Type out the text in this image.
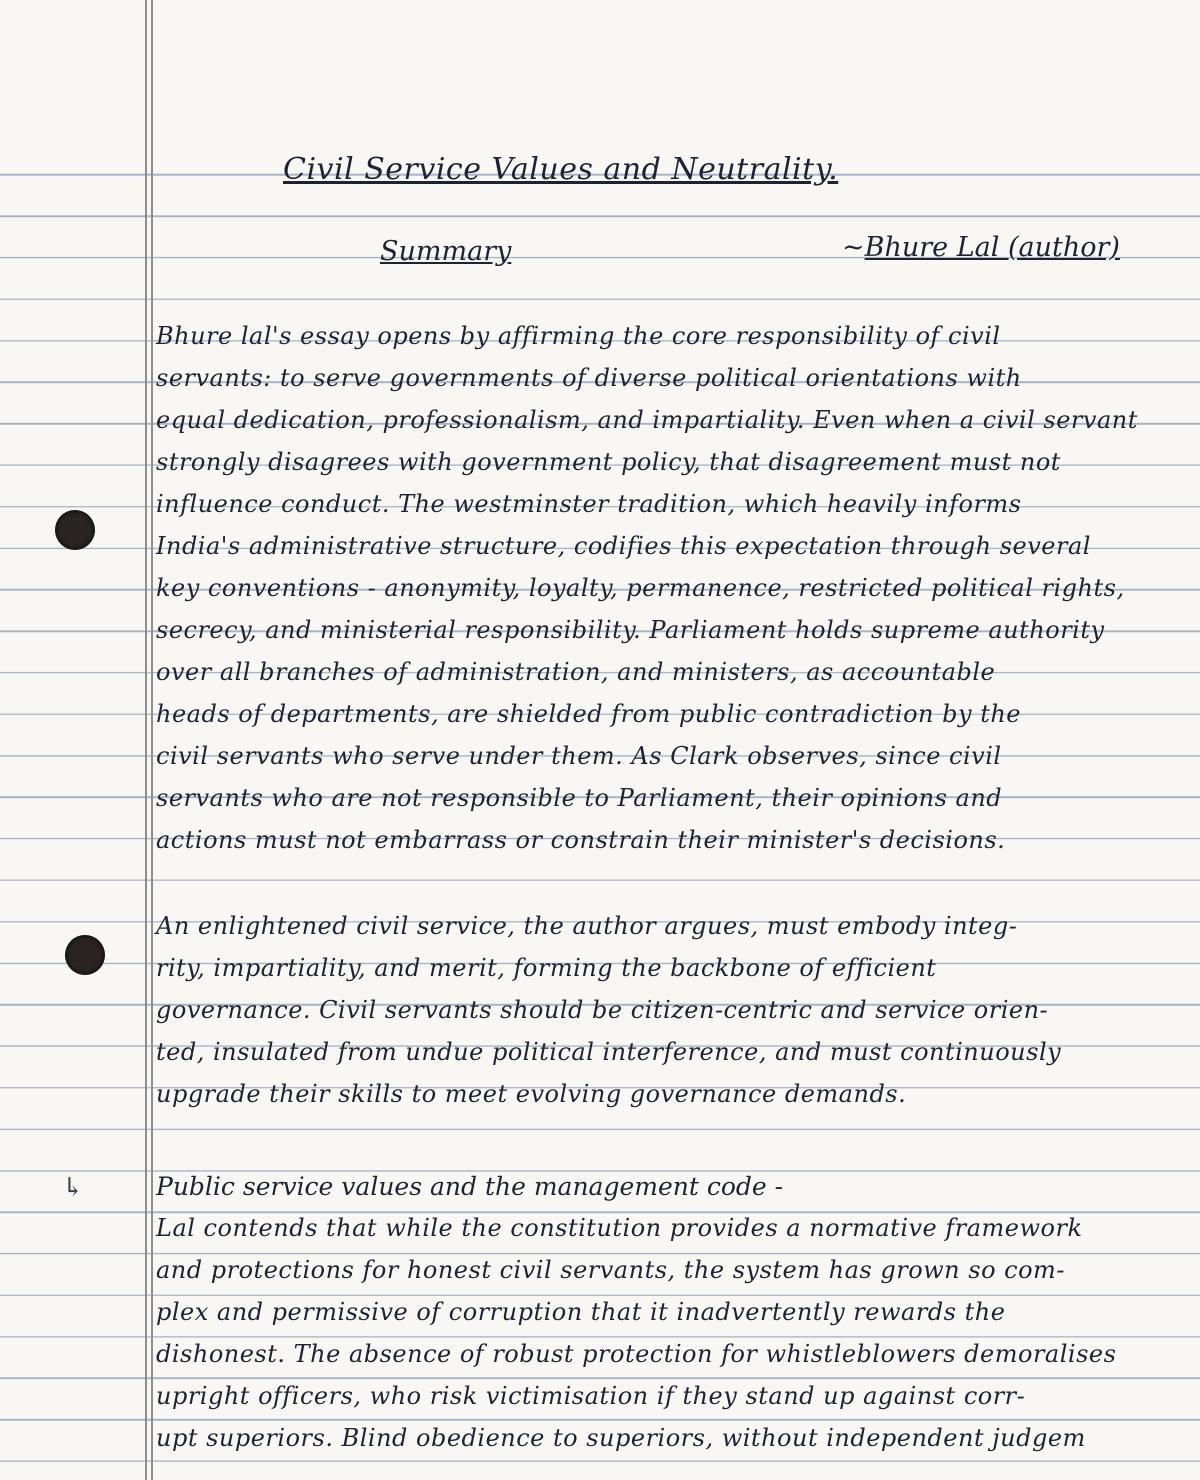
Civil Service Values and Neutrality.
Summary	~Bhure Lal (author)
Bhure lal's essay opens by affirming the core responsibility of civil
servants: to serve governments of diverse political orientations with
equal dedication, professionalism, and impartiality. Even when a civil servant
strongly disagrees with government policy, that disagreement must not
influence conduct. The westminster tradition, which heavily informs
India's administrative structure, codifies this expectation through several
key conventions - anonymity, loyalty, permanence, restricted political rights,
secrecy, and ministerial responsibility. Parliament holds supreme authority
over all branches of administration, and ministers, as accountable
heads of departments, are shielded from public contradiction by the
civil servants who serve under them. As Clark observes, since civil
servants who are not responsible to Parliament, their opinions and
actions must not embarrass or constrain their minister's decisions.
An enlightened civil service, the author argues, must embody integ-
rity, impartiality, and merit, forming the backbone of efficient
governance. Civil servants should be citizen-centric and service orien-
ted, insulated from undue political interference, and must continuously
upgrade their skills to meet evolving governance demands.
↳	Public service values and the management code -
Lal contends that while the constitution provides a normative framework
and protections for honest civil servants, the system has grown so com-
plex and permissive of corruption that it inadvertently rewards the
dishonest. The absence of robust protection for whistleblowers demoralises
upright officers, who risk victimisation if they stand up against corr-
upt superiors. Blind obedience to superiors, without independent judgem
